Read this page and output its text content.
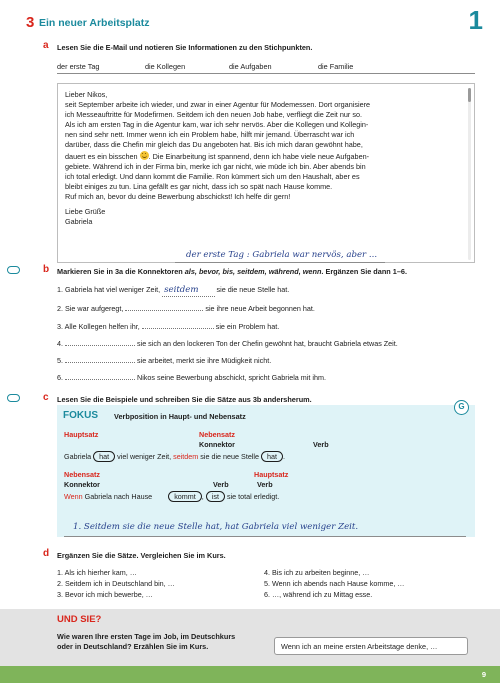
3 Ein neuer Arbeitsplatz	1
a Lesen Sie die E-Mail und notieren Sie Informationen zu den Stichpunkten.
der erste Tag	die Kollegen	die Aufgaben	die Familie

Lieber Nikos,

seit September arbeite ich wieder, und zwar in einer Agentur für Modemessen. Dort organisiere

ich Messeauftritte für Modefirmen. Seitdem ich den neuen Job habe, verfliegt die Zeit nur so.

Als ich am ersten Tag in die Agentur kam, war ich sehr nervös. Aber die Kollegen und Kollegin-

nen sind sehr nett. Immer wenn ich ein Problem habe, hilft mir jemand. Überrascht war ich

darüber, dass die Chefin mir gleich das Du angeboten hat. Bis ich mich daran gewöhnt habe,

dauert es ein bisschen . Die Einarbeitung ist spannend, denn ich habe viele neue Aufgaben-

gebiete. Während ich in der Firma bin, merke ich gar nicht, wie müde ich bin. Aber abends bin

ich total erledigt. Und dann kommt die Familie. Ron kümmert sich um den Haushalt, aber es

bleibt einiges zu tun. Lina gefällt es gar nicht, dass ich so spät nach Hause komme.

Ruf mich an, bevor du deine Bewerbung abschickst! Ich helfe dir gern!

Liebe Grüße

Gabriela

der erste Tag : Gabriela war nervös, aber ...
b Markieren Sie in 3a die Konnektoren als, bevor, bis, seitdem, während, wenn. Ergänzen Sie dann 1–6.
1. Gabriela hat viel weniger Zeit, seitdem	sie die neue Stelle hat.
2. Sie war aufgeregt,	sie ihre neue Arbeit begonnen hat.
3. Alle Kollegen helfen ihr,	sie ein Problem hat.
4.	sie sich an den lockeren Ton der Chefin gewöhnt hat, braucht Gabriela etwas Zeit.
5.	sie arbeitet, merkt sie ihre Müdigkeit nicht.
6.	Nikos seine Bewerbung abschickt, spricht Gabriela mit ihm.
c Lesen Sie die Beispiele und schreiben Sie die Sätze aus 3b andersherum.
FOKUS Verbposition in Haupt- und Nebensatz
G
Hauptsatz	Nebensatz
Konnektor	Verb
Gabriela hat viel weniger Zeit, seitdem sie die neue Stelle hat .
Nebensatz	Hauptsatz
Konnektor	Verb	Verb
Wenn Gabriela nach Hause	kommt , ist sie total erledigt.
1. Seitdem sie die neue Stelle hat, hat Gabriela viel weniger Zeit.
d Ergänzen Sie die Sätze. Vergleichen Sie im Kurs.
1. Als ich hierher kam, …
2. Seitdem ich in Deutschland bin, …
3. Bevor ich mich bewerbe, …
4. Bis ich zu arbeiten beginne, …
5. Wenn ich abends nach Hause komme, …
6. …, während ich zu Mittag esse.
UND SIE?
Wie waren Ihre ersten Tage im Job, im Deutschkurs
oder in Deutschland? Erzählen Sie im Kurs.	Wenn ich an meine ersten Arbeitstage denke, …
9
